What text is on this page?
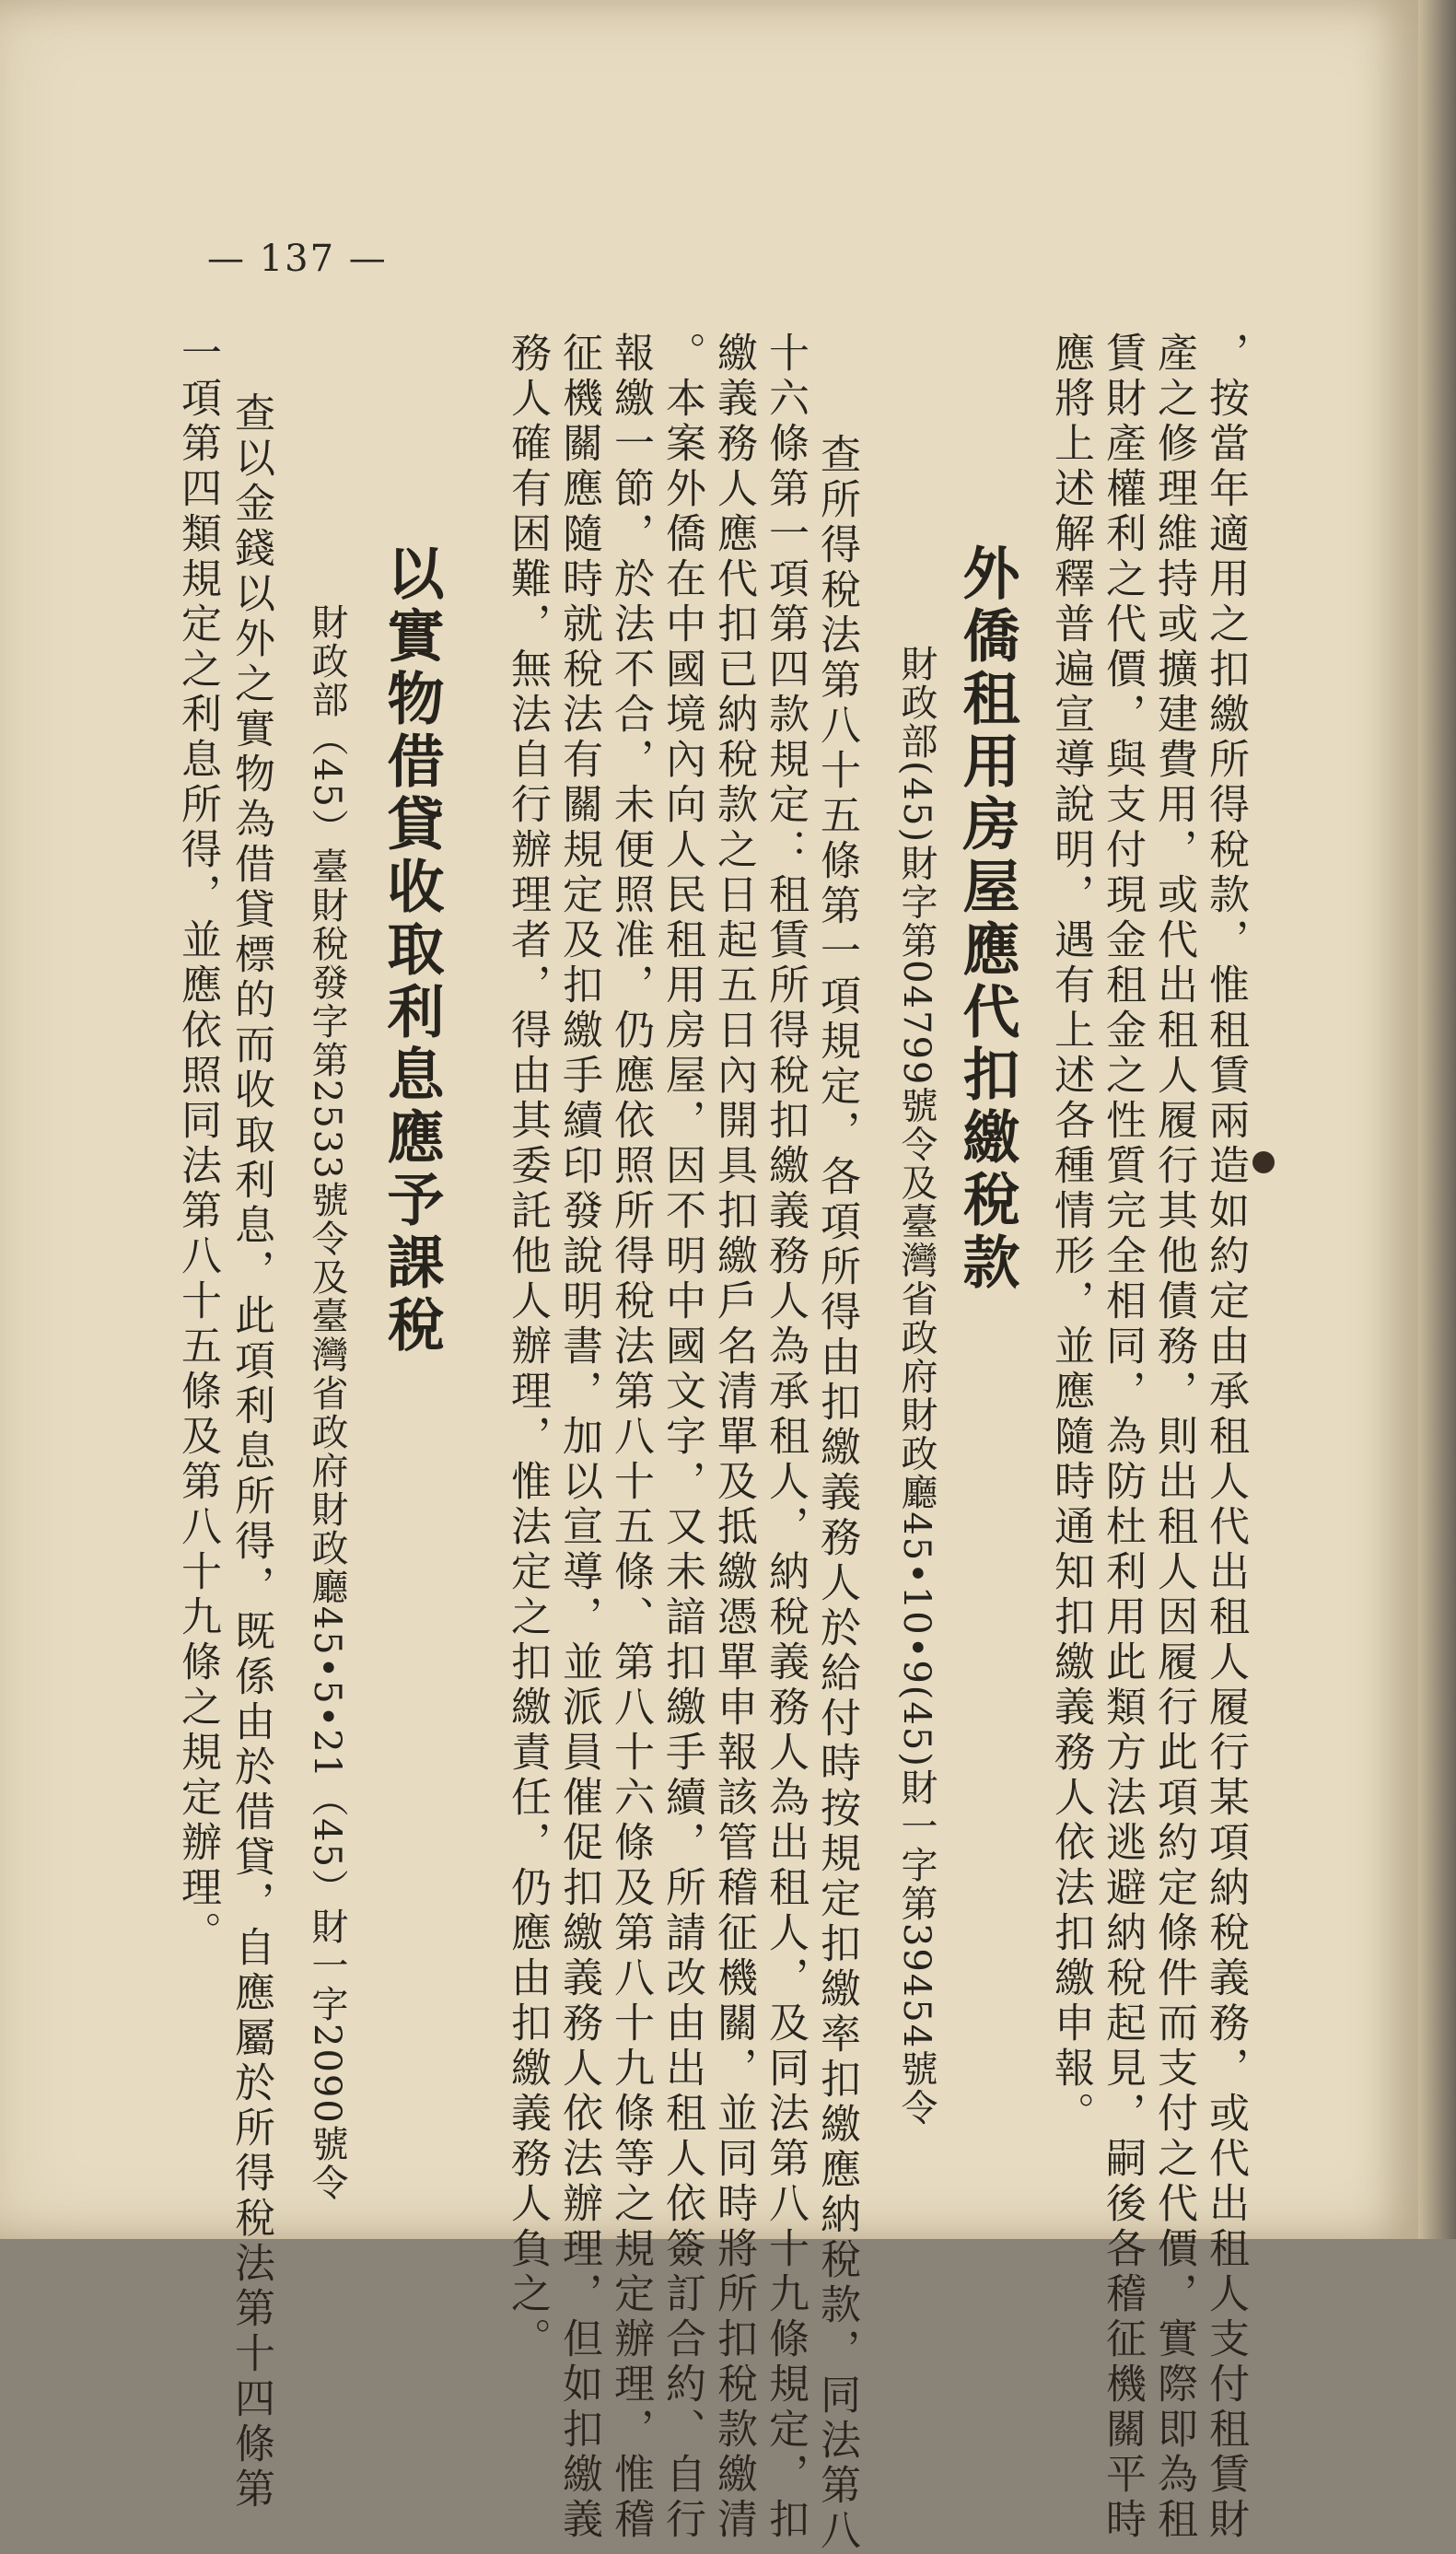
— 137 —
，按當年適用之扣繳所得稅款，惟租賃兩造如約定由承租人代出租人履行某項納稅義務，或代出租人支付租賃財
產之修理維持或擴建費用，或代出租人履行其他債務，則出租人因履行此項約定條件而支付之代價，實際即為租
賃財產權利之代價，與支付現金租金之性質完全相同，為防杜利用此類方法逃避納稅起見，嗣後各稽征機關平時
應將上述解釋普遍宣導說明，遇有上述各種情形，並應隨時通知扣繳義務人依法扣繳申報。
外僑租用房屋應代扣繳稅款
財政部(45)財字第04799號令及臺灣省政府財政廳45•10•9(45)財一字第39454號令
查所得稅法第八十五條第一項規定，各項所得由扣繳義務人於給付時按規定扣繳率扣繳應納稅款，同法第八
十六條第一項第四款規定：租賃所得稅扣繳義務人為承租人，納稅義務人為出租人，及同法第八十九條規定，扣
繳義務人應代扣已納稅款之日起五日內開具扣繳戶名清單及抵繳憑單申報該管稽征機關，並同時將所扣稅款繳清
。本案外僑在中國境內向人民租用房屋，因不明中國文字，又未諳扣繳手續，所請改由出租人依簽訂合約、自行
報繳一節，於法不合，未便照准，仍應依照所得稅法第八十五條、第八十六條及第八十九條等之規定辦理，惟稽
征機關應隨時就稅法有關規定及扣繳手續印發說明書，加以宣導，並派員催促扣繳義務人依法辦理，但如扣繳義
務人確有困難，無法自行辦理者，得由其委託他人辦理，惟法定之扣繳責任，仍應由扣繳義務人負之。
以實物借貸收取利息應予課稅
財政部（45）臺財稅發字第2533號令及臺灣省政府財政廳45•5•21（45）財一字2090號令
查以金錢以外之實物為借貸標的而收取利息，此項利息所得，既係由於借貸，自應屬於所得稅法第十四條第
一項第四類規定之利息所得，並應依照同法第八十五條及第八十九條之規定辦理。
